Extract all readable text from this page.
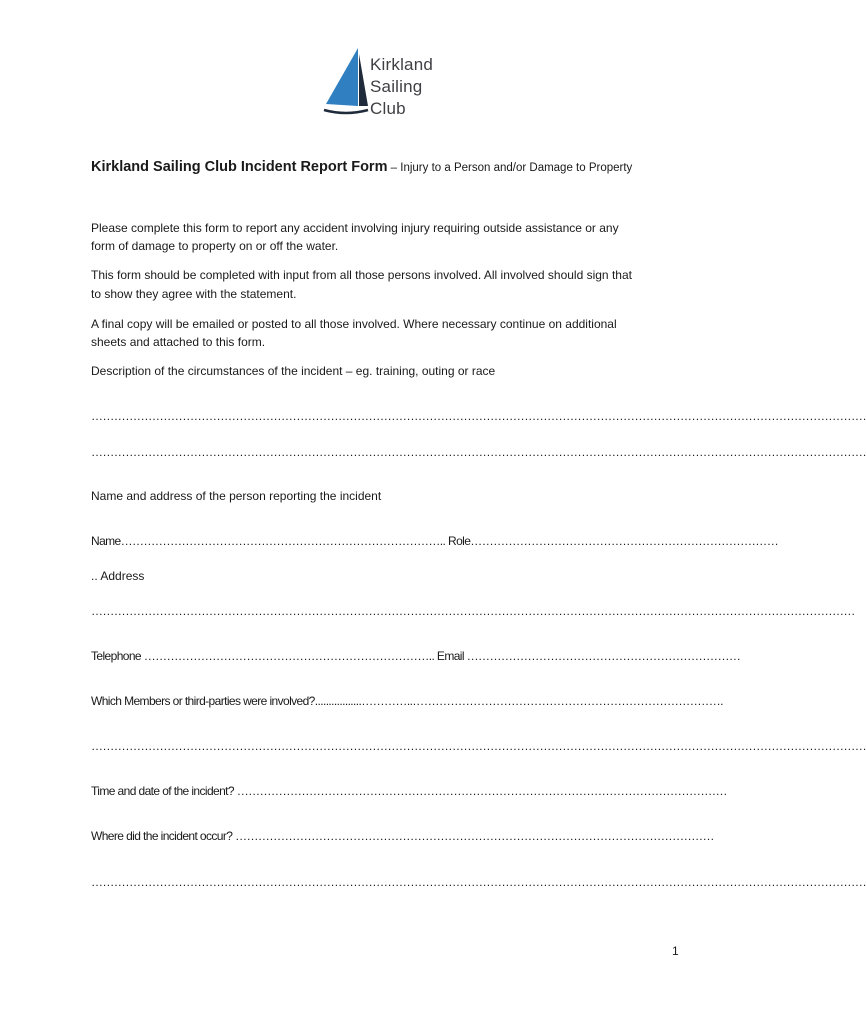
Kirkland
Sailing
Club
Kirkland Sailing Club Incident Report Form – Injury to a Person and/or Damage to Property
Please complete this form to report any accident involving injury requiring outside assistance or any
form of damage to property on or off the water.
This form should be completed with input from all those persons involved. All involved should sign that
to show they agree with the statement.
A final copy will be emailed or posted to all those involved. Where necessary continue on additional
sheets and attached to this form.
Description of the circumstances of the incident – eg. training, outing or race
……………………………………………………………………………………………………………………………………………………………………………………
……………………………………………………………………………………………………………………………………………………………………………………
Name and address of the person reporting the incident
Name………………………………………………………………………….. Role………………………………………………………………………
.. Address
…………………………………………………………………………………………………………………………………………………………………………………
Telephone ………………………………………………………………….. Email ………………………………………………………………
Which Members or third-parties were involved?.................…………..……………………………………………………………………….
……………………………………………………………………………………………………………………………………………………………………………………
Time and date of the incident? …………………………………………………………………………………………………………………
Where did the incident occur? ………………………………………………………………………………………………………………
……………………………………………………………………………………………………………………………………………………………………………………
1
